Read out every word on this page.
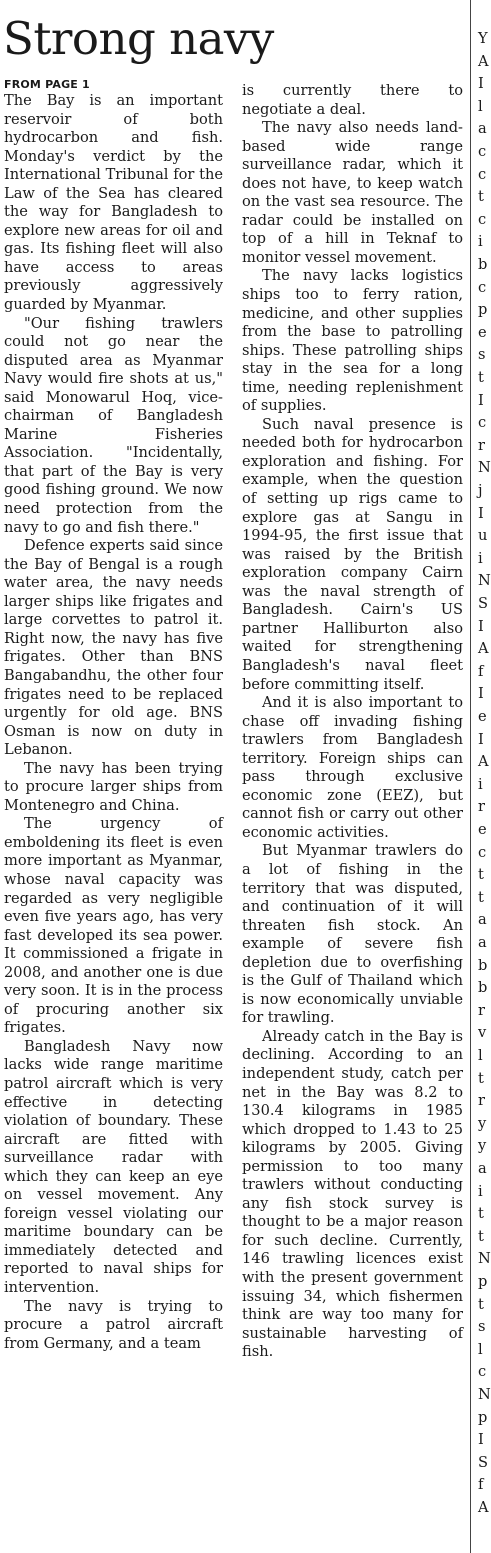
Strong navy
FROM PAGE 1

The Bay is an important reservoir of both hydrocarbon and fish. Monday's verdict by the International Tribunal for the Law of the Sea has cleared the way for Bangladesh to explore new areas for oil and gas. Its fishing fleet will also have access to areas previously aggressively guarded by Myanmar.

"Our fishing trawlers could not go near the disputed area as Myanmar Navy would fire shots at us," said Monowarul Hoq, vice-chairman of Bangladesh Marine Fisheries Association. "Incidentally, that part of the Bay is very good fishing ground. We now need protection from the navy to go and fish there."

Defence experts said since the Bay of Bengal is a rough water area, the navy needs larger ships like frigates and large corvettes to patrol it. Right now, the navy has five frigates. Other than BNS Bangabandhu, the other four frigates need to be replaced urgently for old age. BNS Osman is now on duty in Lebanon.

The navy has been trying to procure larger ships from Montenegro and China.

The urgency of emboldening its fleet is even more important as Myanmar, whose naval capacity was regarded as very negligible even five years ago, has very fast developed its sea power. It commissioned a frigate in 2008, and another one is due very soon. It is in the process of procuring another six frigates.

Bangladesh Navy now lacks wide range maritime patrol aircraft which is very effective in detecting violation of boundary. These aircraft are fitted with surveillance radar with which they can keep an eye on vessel movement. Any foreign vessel violating our maritime boundary can be immediately detected and reported to naval ships for intervention.

The navy is trying to procure a patrol aircraft from Germany, and a team

is currently there to negotiate a deal.

The navy also needs land-based wide range surveillance radar, which it does not have, to keep watch on the vast sea resource. The radar could be installed on top of a hill in Teknaf to monitor vessel movement.

The navy lacks logistics ships too to ferry ration, medicine, and other supplies from the base to patrolling ships. These patrolling ships stay in the sea for a long time, needing replenishment of supplies.

Such naval presence is needed both for hydrocarbon exploration and fishing. For example, when the question of setting up rigs came to explore gas at Sangu in 1994-95, the first issue that was raised by the British exploration company Cairn was the naval strength of Bangladesh. Cairn's US partner Halliburton also waited for strengthening Bangladesh's naval fleet before committing itself.

And it is also important to chase off invading fishing trawlers from Bangladesh territory. Foreign ships can pass through exclusive economic zone (EEZ), but cannot fish or carry out other economic activities.

But Myanmar trawlers do a lot of fishing in the territory that was disputed, and continuation of it will threaten fish stock. An example of severe fish depletion due to overfishing is the Gulf of Thailand which is now economically unviable for trawling.

Already catch in the Bay is declining. According to an independent study, catch per net in the Bay was 8.2 to 130.4 kilograms in 1985 which dropped to 1.43 to 25 kilograms by 2005. Giving permission to too many trawlers without conducting any fish stock survey is thought to be a major reason for such decline. Currently, 146 trawling licences exist with the present government issuing 34, which fishermen think are way too many for sustainable harvesting of fish.

Y
A
I
l
a
c
c
t
c
i
b
c
p
e
s
t
I
c
r
N
j
I
u
i
N
S
I
A
f
I
e
I
A
i
r
e
c
t
t
a
a
b
b
r
v
l
t
r
y
y
a
i
t
t
N
p
t
s
l
c
N
p
I
S
f
A
